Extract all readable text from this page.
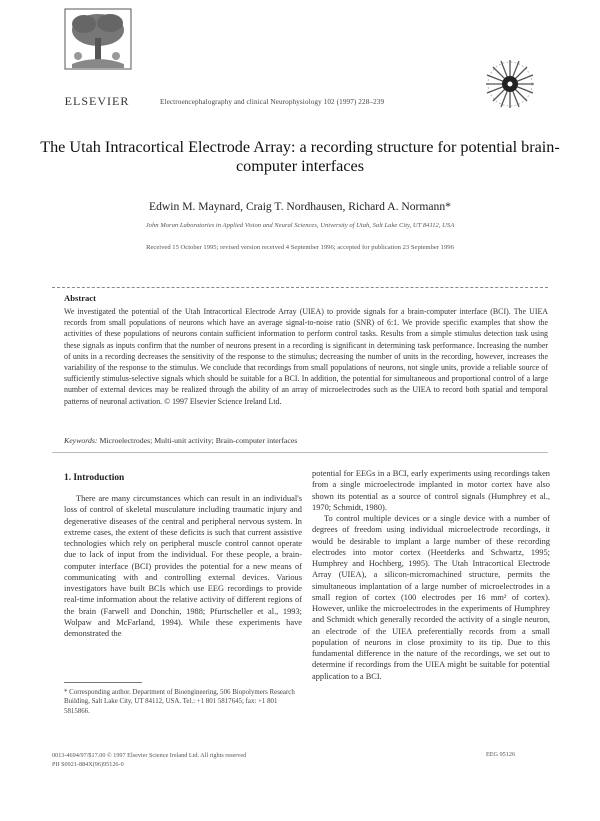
ELSEVIER	Electroencephalography and clinical Neurophysiology 102 (1997) 228–239
The Utah Intracortical Electrode Array: a recording structure for potential brain-computer interfaces
Edwin M. Maynard, Craig T. Nordhausen, Richard A. Normann*
John Moran Laboratories in Applied Vision and Neural Sciences, University of Utah, Salt Lake City, UT 84112, USA
Received 15 October 1995; revised version received 4 September 1996; accepted for publication 23 September 1996
Abstract
We investigated the potential of the Utah Intracortical Electrode Array (UIEA) to provide signals for a brain-computer interface (BCI). The UIEA records from small populations of neurons which have an average signal-to-noise ratio (SNR) of 6:1. We provide specific examples that show the activities of these populations of neurons contain sufficient information to perform control tasks. Results from a simple stimulus detection task using these signals as inputs confirm that the number of neurons present in a recording is significant in determining task performance. Increasing the number of units in a recording decreases the sensitivity of the response to the stimulus; decreasing the number of units in the recording, however, increases the variability of the response to the stimulus. We conclude that recordings from small populations of neurons, not single units, provide a reliable source of sufficiently stimulus-selective signals which should be suitable for a BCI. In addition, the potential for simultaneous and proportional control of a large number of external devices may be realized through the ability of an array of microelectrodes such as the UIEA to record both spatial and temporal patterns of neuronal activation. © 1997 Elsevier Science Ireland Ltd.
Keywords: Microelectrodes; Multi-unit activity; Brain-computer interfaces
1. Introduction

There are many circumstances which can result in an individual's loss of control of skeletal musculature including traumatic injury and degenerative diseases of the central and peripheral nervous system. In extreme cases, the extent of these deficits is such that current assistive technologies which rely on peripheral muscle control cannot operate due to lack of input from the individual. For these people, a brain-computer interface (BCI) provides the potential for a new means of communicating with and controlling external devices. Various investigators have built BCIs which use EEG recordings to provide real-time information about the relative activity of different regions of the brain (Farwell and Donchin, 1988; Pfurtscheller et al., 1993; Wolpaw and McFarland, 1994). While these experiments have demonstrated the

potential for EEGs in a BCI, early experiments using recordings taken from a single microelectrode implanted in motor cortex have also shown its potential as a source of control signals (Humphrey et al., 1970; Schmidt, 1980).

To control multiple devices or a single device with a number of degrees of freedom using individual microelectrode recordings, it would be desirable to implant a large number of these recording electrodes into motor cortex (Heetderks and Schwartz, 1995; Humphrey and Hochberg, 1995). The Utah Intracortical Electrode Array (UIEA), a silicon-micromachined structure, permits the simultaneous implantation of a large number of microelectrodes in a small region of cortex (100 electrodes per 16 mm² of cortex). However, unlike the microelectrodes in the experiments of Humphrey and Schmidt which generally recorded the activity of a single neuron, an electrode of the UIEA preferentially records from a small population of neurons in close proximity to its tip. Due to this fundamental difference in the nature of the recordings, we set out to determine if recordings from the UIEA might be suitable for potential application to a BCI.

* Corresponding author. Department of Bioengineering, 506 Biopolymers Research Building, Salt Lake City, UT 84112, USA. Tel.: +1 801 5817645; fax: +1 801 5815866.
0013-4694/97/$17.00 © 1997 Elsevier Science Ireland Ltd. All rights reserved
PII S0921-884X(96)95126-0
EEG 95126
